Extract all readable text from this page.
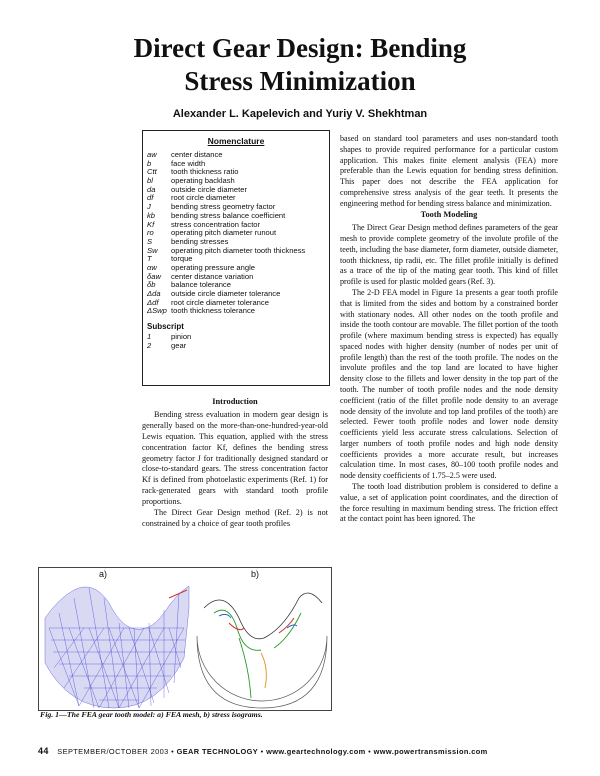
Direct Gear Design: Bending
Stress Minimization
Alexander L. Kapelevich and Yuriy V. Shekhtman
Nomenclature
aw	center distance
b	face width
Ctt	tooth thickness ratio
bl	operating backlash
da	outside circle diameter
df	root circle diameter
J	bending stress geometry factor
kb	bending stress balance coefficient
Kf	stress concentration factor
ro	operating pitch diameter runout
S	bending stresses
Sw	operating pitch diameter tooth thickness
T	torque
αw	operating pressure angle
δaw	center distance variation
δb	balance tolerance
Δda	outside circle diameter tolerance
Δdf	root circle diameter tolerance
ΔSwp tooth thickness tolerance
Subscript
1	pinion
2	gear
Introduction

Bending stress evaluation in modern gear design is generally based on the more-than-one-hundred-year-old Lewis equation. This equation, applied with the stress concentration factor Kf, defines the bending stress geometry factor J for traditionally designed standard or close-to-standard gears. The stress concentration factor Kf is defined from photoelastic experiments (Ref. 1) for rack-generated gears with standard tooth profile proportions.

The Direct Gear Design method (Ref. 2) is not constrained by a choice of gear tooth profiles

based on standard tool parameters and uses non-standard tooth shapes to provide required performance for a particular custom application. This makes finite element analysis (FEA) more preferable than the Lewis equation for bending stress definition. This paper does not describe the FEA application for comprehensive stress analysis of the gear teeth. It presents the engineering method for bending stress balance and minimization.

Tooth Modeling

The Direct Gear Design method defines parameters of the gear mesh to provide complete geometry of the involute profile of the teeth, including the base diameter, form diameter, outside diameter, tooth thickness, tip radii, etc. The fillet profile initially is defined as a trace of the tip of the mating gear tooth. This kind of fillet profile is used for plastic molded gears (Ref. 3).

The 2-D FEA model in Figure 1a presents a gear tooth profile that is limited from the sides and bottom by a constrained border with stationary nodes. All other nodes on the tooth profile and inside the tooth contour are movable. The fillet portion of the tooth profile (where maximum bending stress is expected) has equally spaced nodes with higher density (number of nodes per unit of profile length) than the rest of the tooth profile. The nodes on the involute profiles and the top land are located to have higher density close to the fillets and lower density in the top part of the tooth. The number of tooth profile nodes and the node density coefficient (ratio of the fillet profile node density to an average node density of the involute and top land profiles of the tooth) are selected. Fewer tooth profile nodes and lower node density coefficients yield less accurate stress calculations. Selection of larger numbers of tooth profile nodes and high node density coefficients provides a more accurate result, but increases calculation time. In most cases, 80–100 tooth profile nodes and node density coefficients of 1.75–2.5 were used.

The tooth load distribution problem is considered to define a value, a set of application point coordinates, and the direction of the force resulting in maximum bending stress. The friction effect at the contact point has been ignored. The

a)	b)
Fig. 1—The FEA gear tooth model: a) FEA mesh, b) stress isograms.
44 SEPTEMBER/OCTOBER 2003 • GEAR TECHNOLOGY • www.geartechnology.com • www.powertransmission.com
